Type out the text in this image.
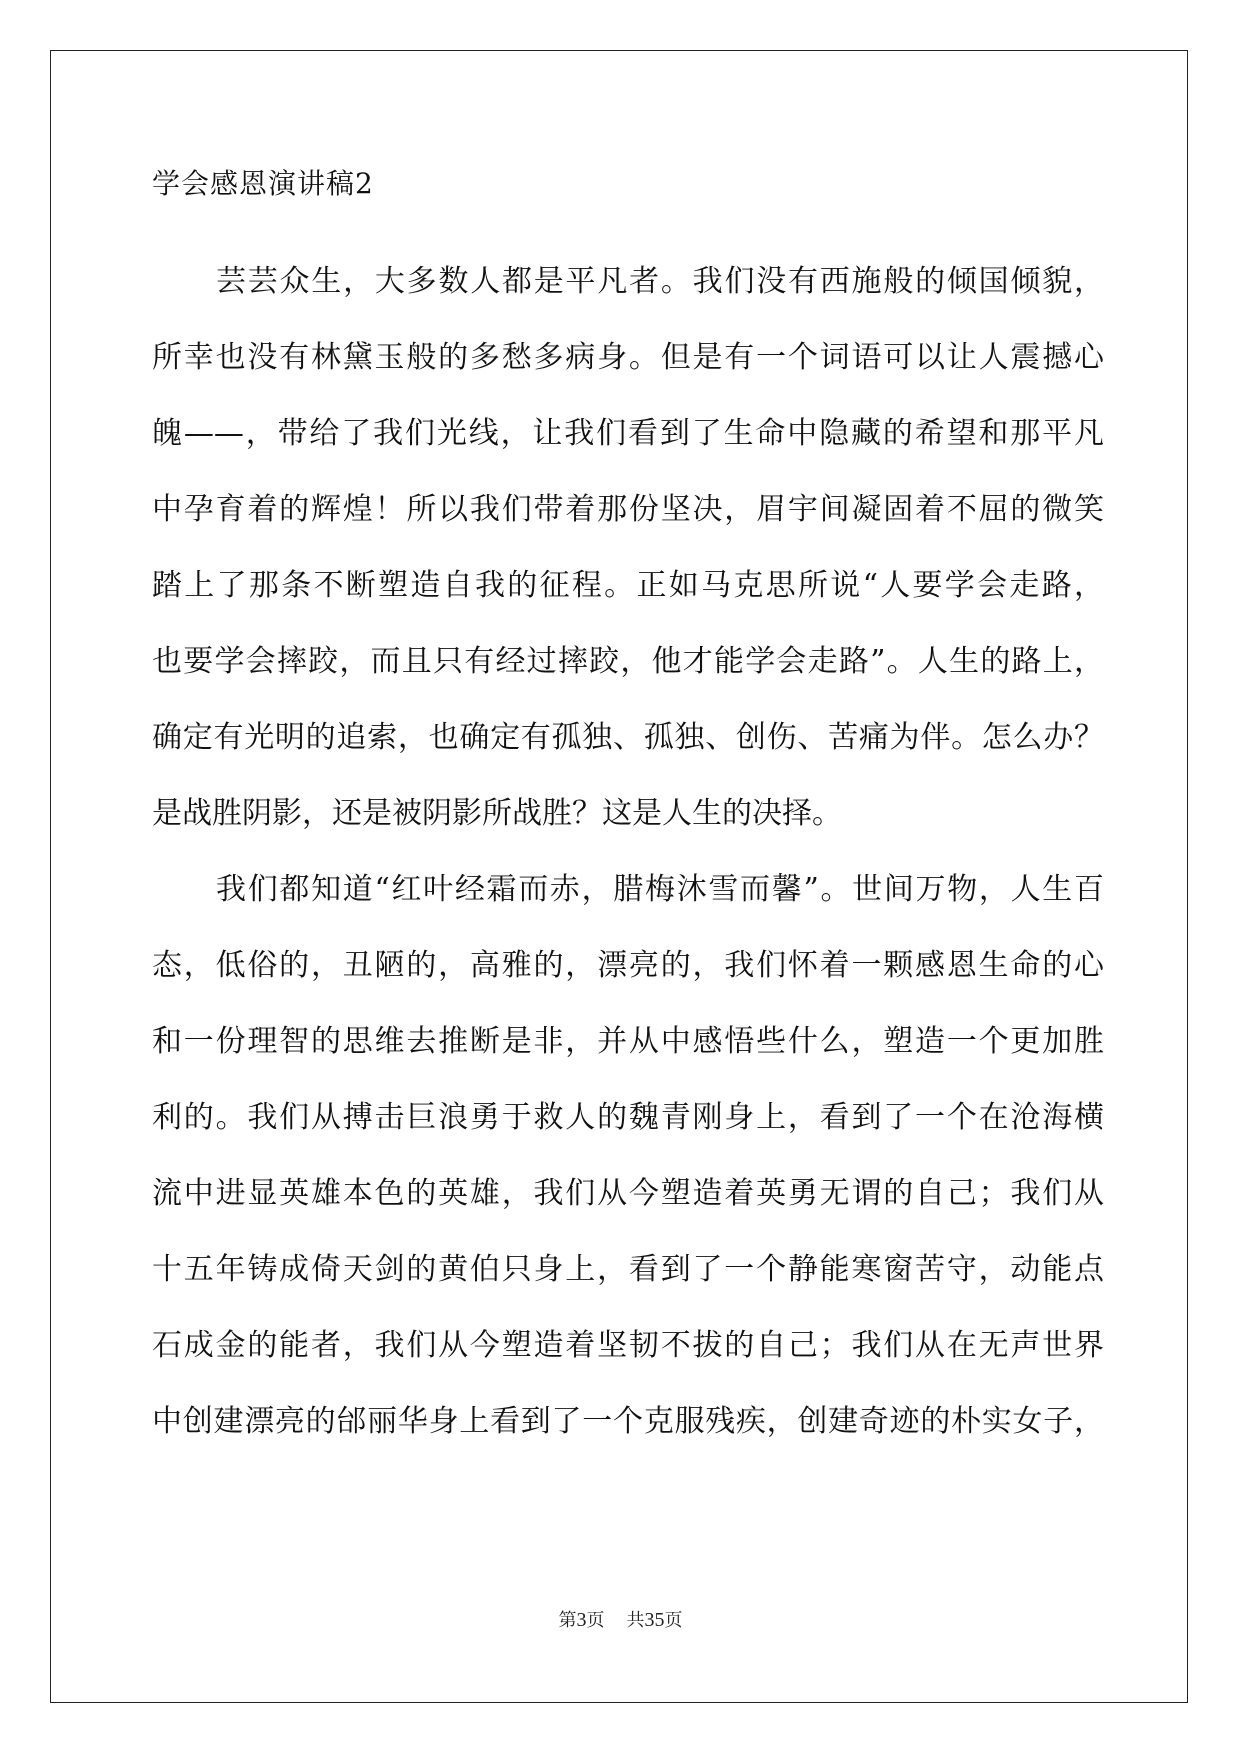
学会感恩演讲稿2
芸芸众生，大多数人都是平凡者。我们没有西施般的倾国倾貌，
所幸也没有林黛玉般的多愁多病身。但是有一个词语可以让人震撼心
魄——，带给了我们光线，让我们看到了生命中隐藏的希望和那平凡
中孕育着的辉煌！所以我们带着那份坚决，眉宇间凝固着不屈的微笑
踏上了那条不断塑造自我的征程。正如马克思所说“人要学会走路，
也要学会摔跤，而且只有经过摔跤，他才能学会走路”。人生的路上，
确定有光明的追索，也确定有孤独、孤独、创伤、苦痛为伴。怎么办？
是战胜阴影，还是被阴影所战胜？这是人生的决择。
我们都知道“红叶经霜而赤，腊梅沐雪而馨”。世间万物，人生百
态，低俗的，丑陋的，高雅的，漂亮的，我们怀着一颗感恩生命的心
和一份理智的思维去推断是非，并从中感悟些什么，塑造一个更加胜
利的。我们从搏击巨浪勇于救人的魏青刚身上，看到了一个在沧海横
流中进显英雄本色的英雄，我们从今塑造着英勇无谓的自己；我们从
十五年铸成倚天剑的黄伯只身上，看到了一个静能寒窗苦守，动能点
石成金的能者，我们从今塑造着坚韧不拔的自己；我们从在无声世界
中创建漂亮的邰丽华身上看到了一个克服残疾，创建奇迹的朴实女子，
第3页 共35页
